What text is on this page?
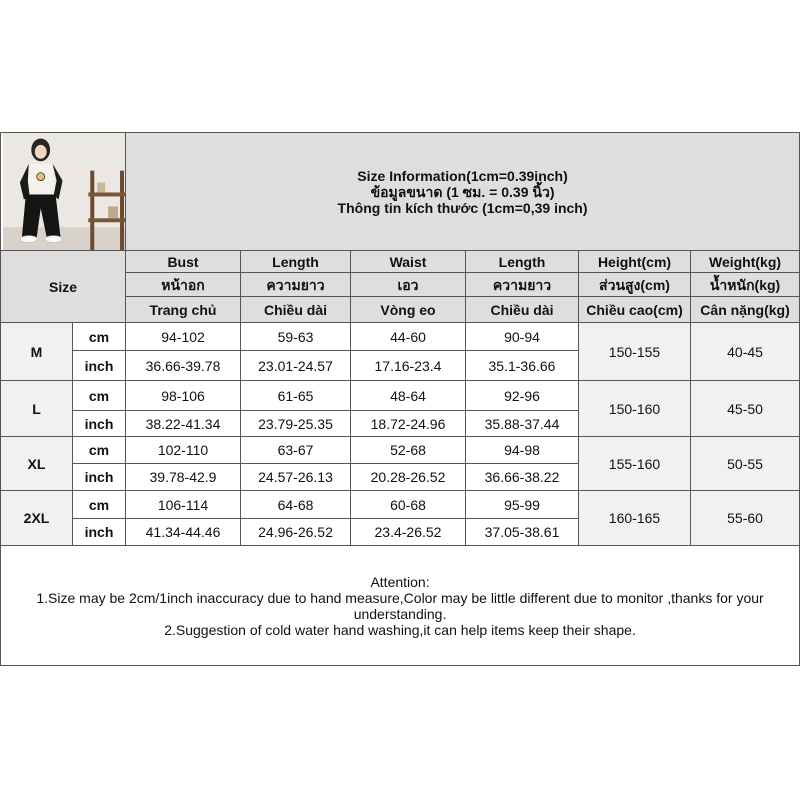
Size Information(1cm=0.39inch)
ข้อมูลขนาด (1 ซม. = 0.39 นิ้ว)
Thông tin kích thước (1cm=0,39 inch)					

Size		Bust	Length	Waist	Length	Height(cm)	Weight(kg)
		หน้าอก	ความยาว	เอว	ความยาว	ส่วนสูง(cm)	น้ำหนัก(kg)
		Trang chủ	Chiều dài	Vòng eo	Chiều dài	Chiều cao(cm)	Cân nặng(kg)
M	cm	94-102	59-63	44-60	90-94	150-155	40-45
	inch	36.66-39.78	23.01-24.57	17.16-23.4	35.1-36.66		
L	cm	98-106	61-65	48-64	92-96	150-160	45-50
	inch	38.22-41.34	23.79-25.35	18.72-24.96	35.88-37.44		
XL	cm	102-110	63-67	52-68	94-98	155-160	50-55
	inch	39.78-42.9	24.57-26.13	20.28-26.52	36.66-38.22		
2XL	cm	106-114	64-68	60-68	95-99	160-165	55-60
	inch	41.34-44.46	24.96-26.52	23.4-26.52	37.05-38.61		

Attention:
1.Size may be 2cm/1inch inaccuracy due to hand measure,Color may be little different due to monitor ,thanks for your understanding.
2.Suggestion of cold water hand washing,it can help items keep their shape.							
